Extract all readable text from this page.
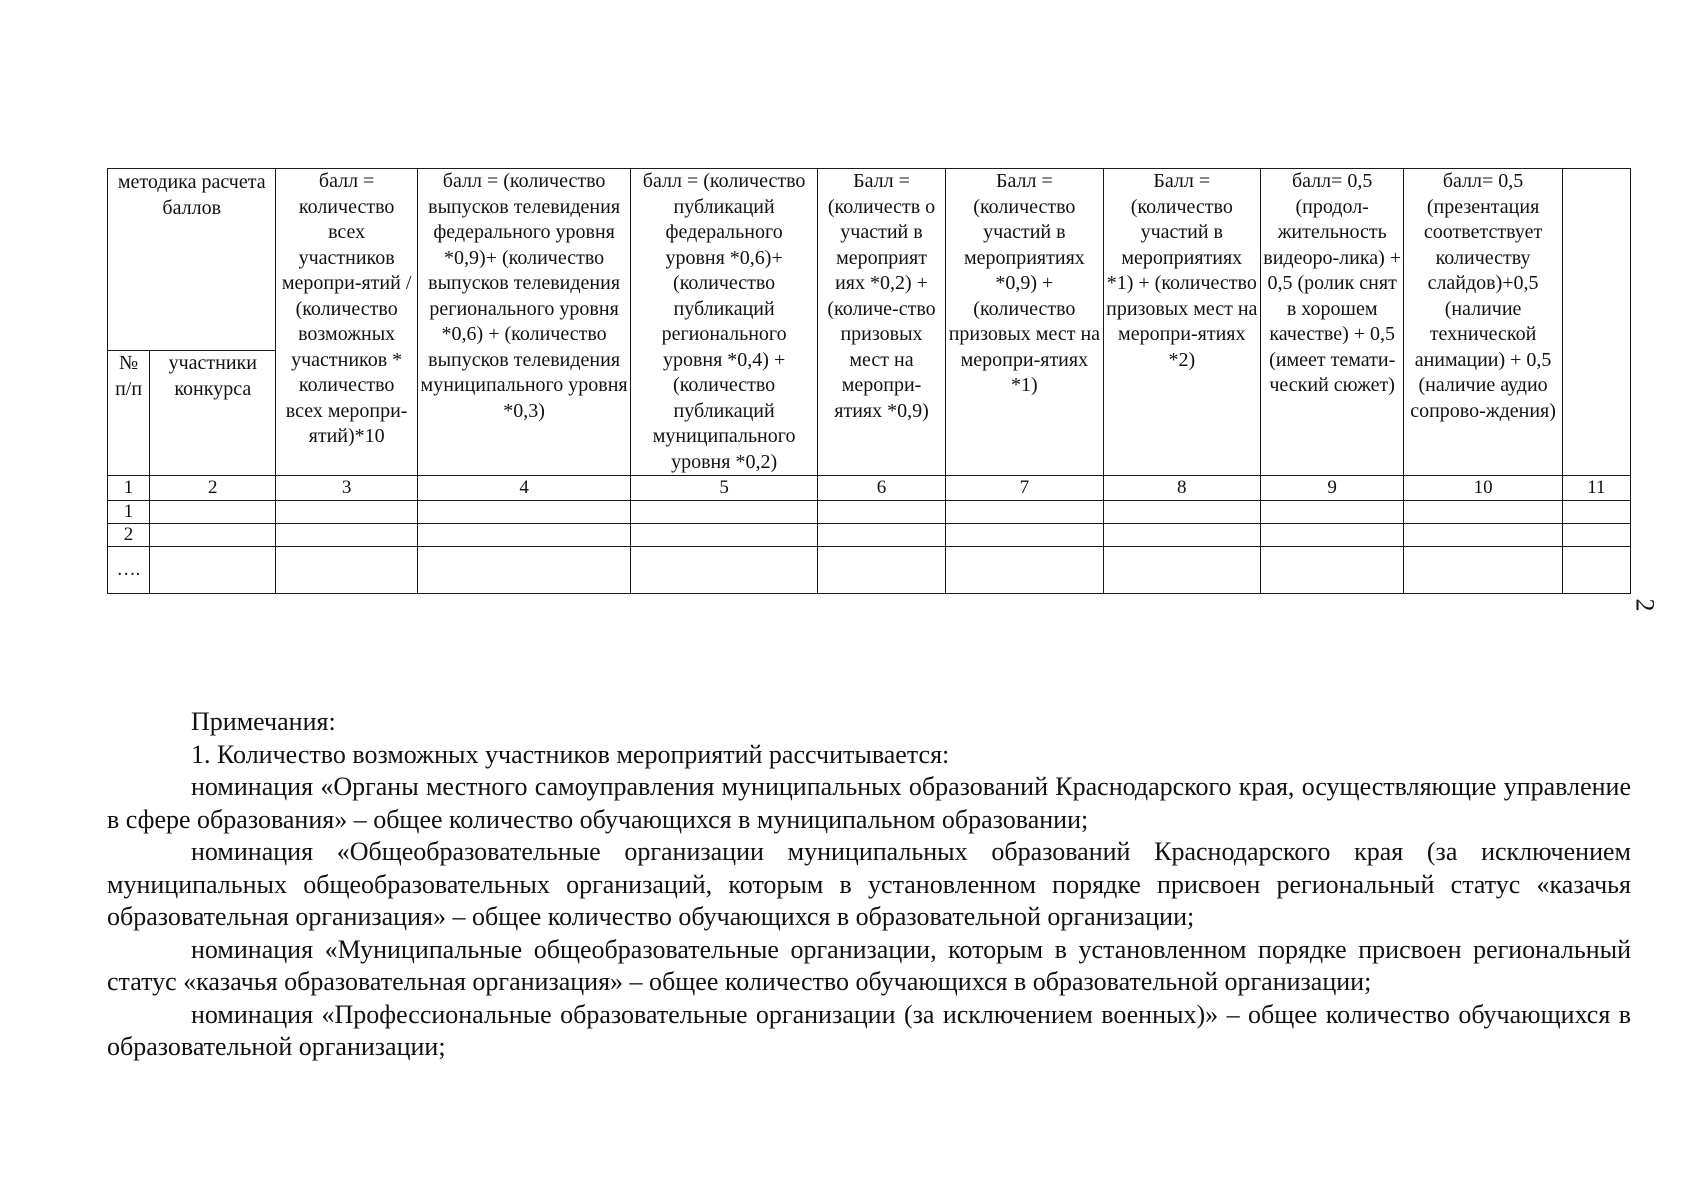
методика расчета баллов		балл = количество всех участников меропри-ятий / (количество возможных участников * количество всех меропри-ятий)*10	балл = (количество выпусков телевидения федерального уровня *0,9)+ (количество выпусков телевидения регионального уровня *0,6) + (количество выпусков телевидения муниципального уровня *0,3)	балл = (количество публикаций федерального уровня *0,6)+ (количество публикаций регионального уровня *0,4) + (количество публикаций муниципального уровня *0,2)	Балл = (количеств о участий в мероприят иях *0,2) + (количе-ство призовых мест на меропри-ятиях *0,9)	Балл = (количество участий в мероприятиях *0,9) + (количество призовых мест на меропри-ятиях *1)	Балл = (количество участий в мероприятиях *1) + (количество призовых мест на меропри-ятиях *2)	балл= 0,5 (продол-жительность видеоро-лика) + 0,5 (ролик снят в хорошем качестве) + 0,5 (имеет темати-ческий сюжет)	балл= 0,5 (презентация соответствует количеству слайдов)+0,5 (наличие технической анимации) + 0,5 (наличие аудио сопрово-ждения)	
№ п/п	участники конкурса									
1	2	3	4	5	6	7	8	9	10	11
1										
2										
….										
2

Примечания:

1. Количество возможных участников мероприятий рассчитывается:

номинация «Органы местного самоуправления муниципальных образований Краснодарского края, осуществляющие управление в сфере образования» – общее количество обучающихся в муниципальном образовании;

номинация «Общеобразовательные организации муниципальных образований Краснодарского края (за исключением муниципальных общеобразовательных организаций, которым в установленном порядке присвоен региональный статус «казачья образовательная организация» – общее количество обучающихся в образовательной организации;

номинация «Муниципальные общеобразовательные организации, которым в установленном порядке присвоен региональный статус «казачья образовательная организация» – общее количество обучающихся в образовательной организации;

номинация «Профессиональные образовательные организации (за исключением военных)» – общее количество обучающихся в образовательной организации;
